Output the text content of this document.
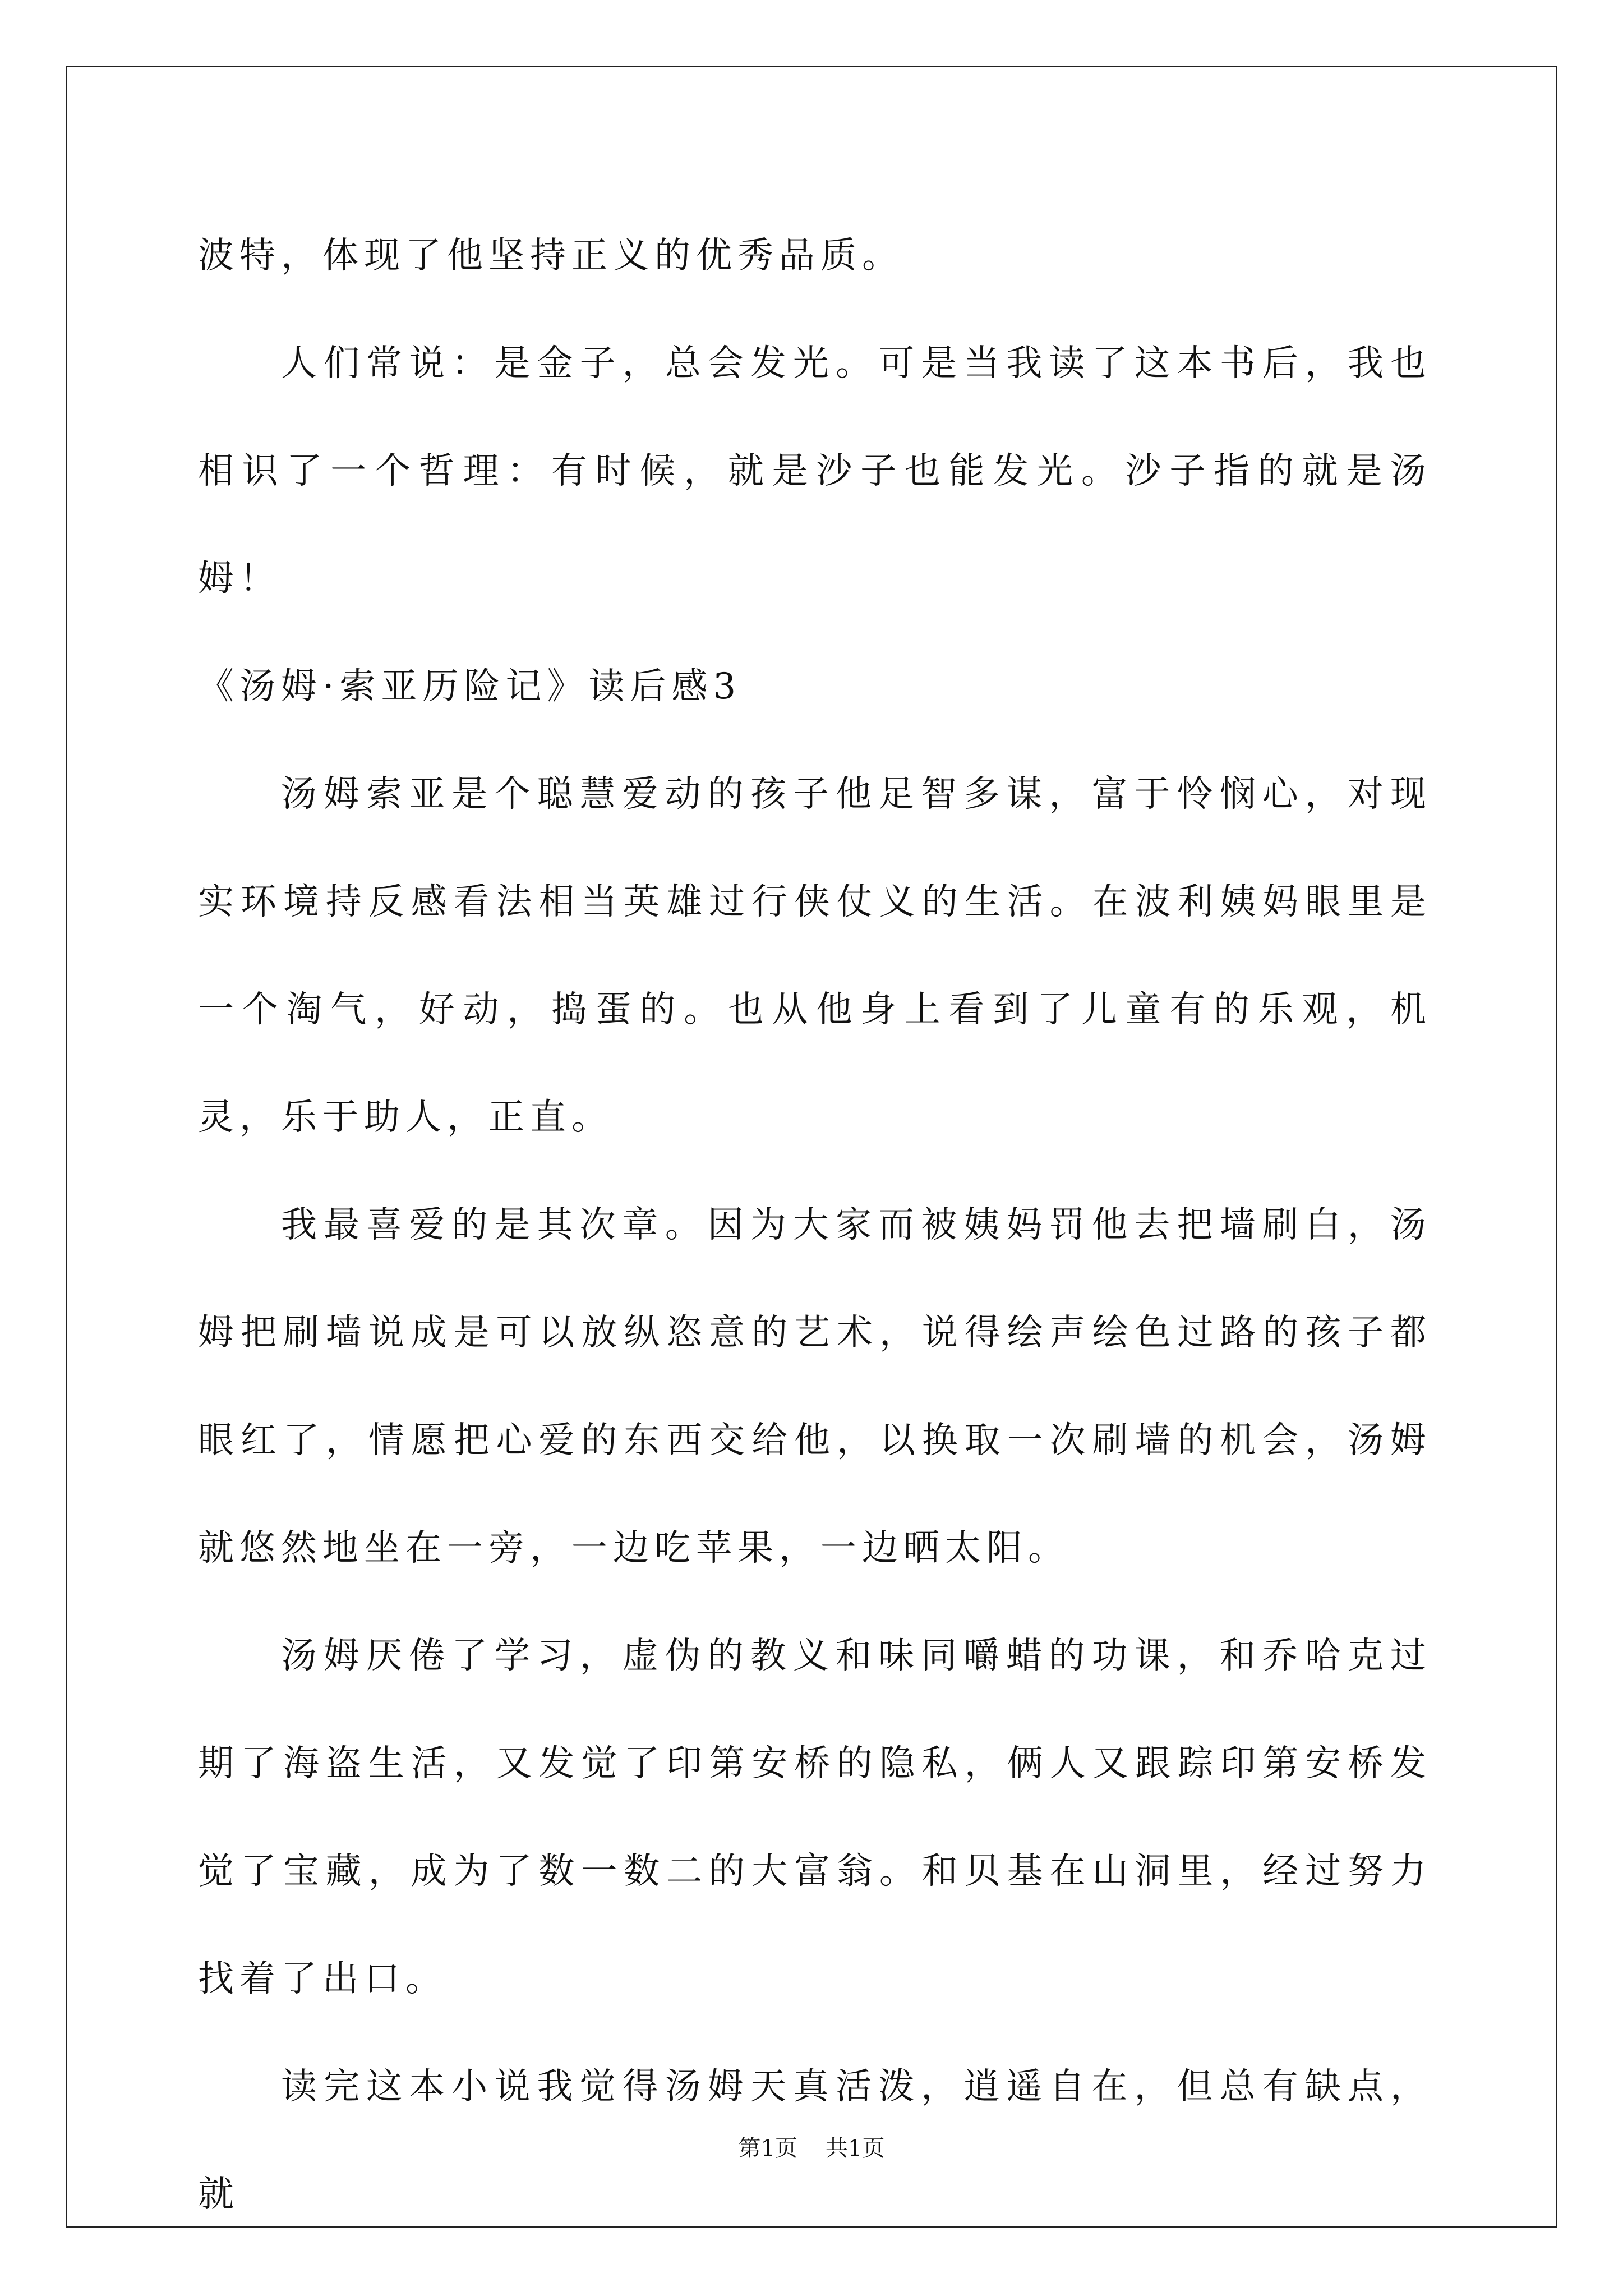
波特，体现了他坚持正义的优秀品质。

人们常说：是金子，总会发光。可是当我读了这本书后，我也相识了一个哲理：有时候，就是沙子也能发光。沙子指的就是汤姆！

《汤姆·索亚历险记》读后感3

汤姆索亚是个聪慧爱动的孩子他足智多谋，富于怜悯心，对现实环境持反感看法相当英雄过行侠仗义的生活。在波利姨妈眼里是一个淘气，好动，捣蛋的。也从他身上看到了儿童有的乐观，机灵，乐于助人，正直。

我最喜爱的是其次章。因为大家而被姨妈罚他去把墙刷白，汤姆把刷墙说成是可以放纵恣意的艺术，说得绘声绘色过路的孩子都眼红了，情愿把心爱的东西交给他，以换取一次刷墙的机会，汤姆就悠然地坐在一旁，一边吃苹果，一边晒太阳。

汤姆厌倦了学习，虚伪的教义和味同嚼蜡的功课，和乔哈克过期了海盗生活，又发觉了印第安桥的隐私，俩人又跟踪印第安桥发觉了宝藏，成为了数一数二的大富翁。和贝基在山洞里，经过努力找着了出口。

读完这本小说我觉得汤姆天真活泼，逍遥自在，但总有缺点，就

第1页 共1页
